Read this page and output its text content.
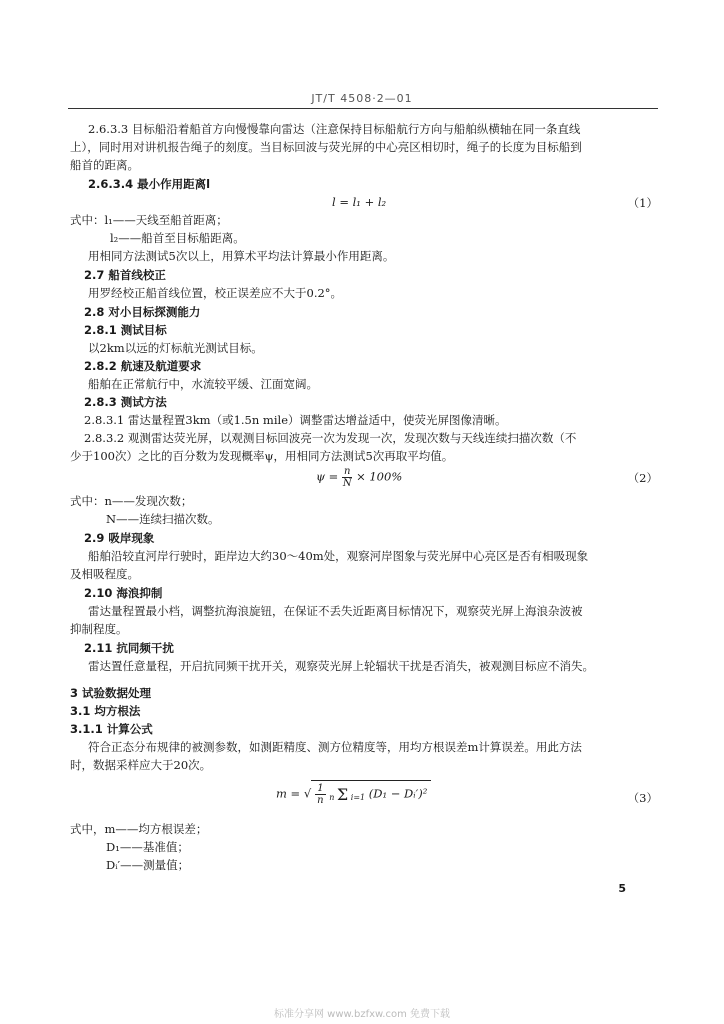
JT/T 4508·2—01
2.6.3.3 目标船沿着船首方向慢慢靠向雷达（注意保持目标船航行方向与船舶纵横轴在同一条直线
上），同时用对讲机报告绳子的刻度。当目标回波与荧光屏的中心亮区相切时，绳子的长度为目标船到
船首的距离。
2.6.3.4 最小作用距离l
l = l₁ + l₂	（1）
式中：l₁——天线至船首距离；
l₂——船首至目标船距离。
用相同方法测试5次以上，用算术平均法计算最小作用距离。
2.7 船首线校正
用罗经校正船首线位置，校正误差应不大于0.2°。
2.8 对小目标探测能力
2.8.1 测试目标
以2km以远的灯标航光测试目标。
2.8.2 航速及航道要求
船舶在正常航行中，水流较平缓、江面宽阔。
2.8.3 测试方法
2.8.3.1 雷达量程置3km（或1.5n mile）调整雷达增益适中，使荧光屏图像清晰。
2.8.3.2 观测雷达荧光屏，以观测目标回波亮一次为发现一次，发现次数与天线连续扫描次数（不
少于100次）之比的百分数为发现概率ψ，用相同方法测试5次再取平均值。
$\psi = \frac{n}{N} \times 100\%$	（2）
式中：n——发现次数；
N——连续扫描次数。
2.9 吸岸现象
船舶沿较直河岸行驶时，距岸边大约30～40m处，观察河岸图象与荧光屏中心亮区是否有相吸现象
及相吸程度。
2.10 海浪抑制
雷达量程置最小档，调整抗海浪旋钮，在保证不丢失近距离目标情况下，观察荧光屏上海浪杂波被
抑制程度。
2.11 抗同频干扰
雷达置任意量程，开启抗同频干扰开关，观察荧光屏上轮辐状干扰是否消失，被观测目标应不消失。
3 试验数据处理
3.1 均方根法
3.1.1 计算公式
符合正态分布规律的被测参数，如测距精度、测方位精度等，用均方根误差m计算误差。用此方法
时，数据采样应大于20次。
m = √ $\frac{1}{n}$ n Σ i=1 (D₁ − Dᵢ′)²	（3）
式中，m——均方根误差；
D₁——基准值；
Dᵢ′——测量值；
5
标准分享网 www.bzfxw.com 免费下载
